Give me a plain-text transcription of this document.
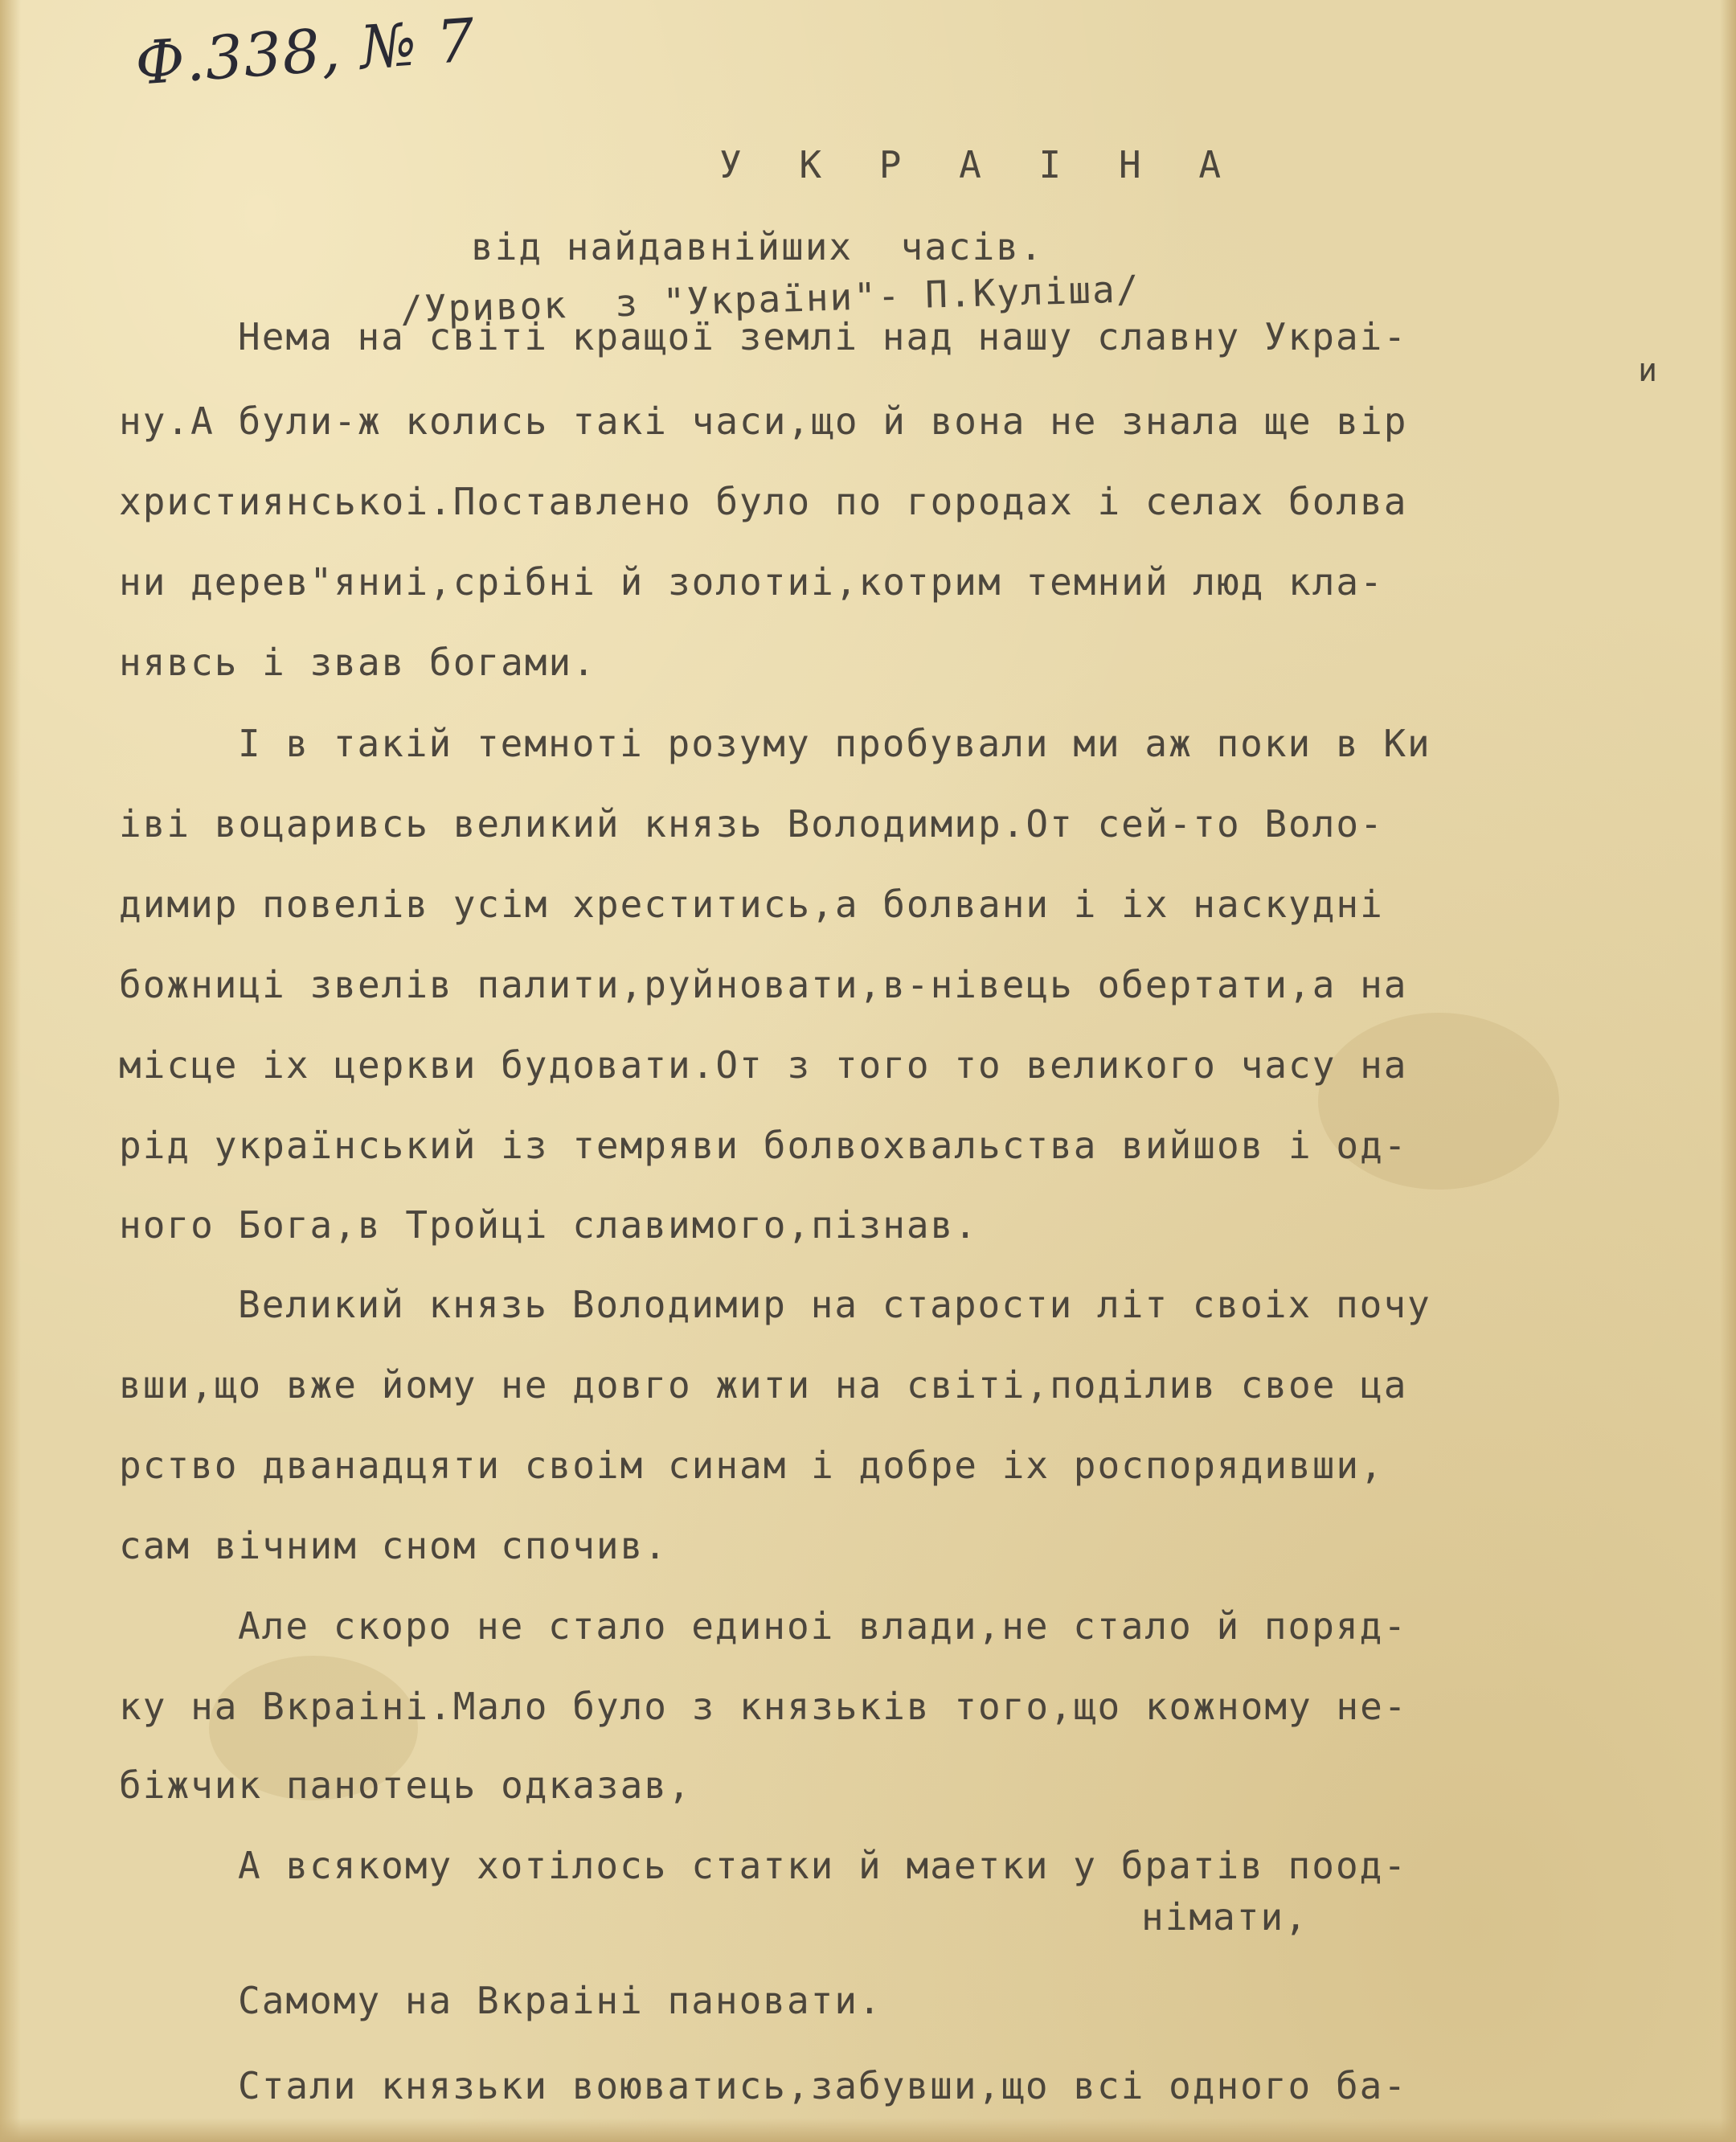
Ф.338, № 7
У К Р А І Н А
від найдавнійших  часів.
/Уривок  з "України"- П.Куліша/
и
Нема на світі кращої землі над нашу славну Украі-
ну.А були-ж колись такі часи,що й вона не знала ще вір
християнськоі.Поставлено було по городах і селах болва
ни дерев"яниі,срібні й золотиі,котрим темний люд кла-
нявсь і звав богами.
I в такій темноті розуму пробували ми аж поки в Ки
іві воцаривсь великий князь Володимир.От сей-то Воло-
димир повелів усім хреститись,а болвани і іх наскудні
божниці звелів палити,руйновати,в-нівець обертати,а на
місце іх церкви будовати.От з того то великого часу на
рід український із темряви болвохвальства вийшов і од-
ного Бога,в Тройці славимого,пізнав.
Великий князь Володимир на старости літ своіх почу
вши,що вже йому не довго жити на світі,поділив свое ца
рство дванадцяти своім синам і добре іх роспорядивши,
сам вічним сном спочив.
Але скоро не стало единоі влади,не стало й поряд-
ку на Вкраіні.Мало було з князьків того,що кожному не-
біжчик панотець одказав,
А всякому хотілось статки й маетки у братів поод-
німати,
Самому на Вкраіні пановати.
Стали князьки воюватись,забувши,що всі одного ба-
